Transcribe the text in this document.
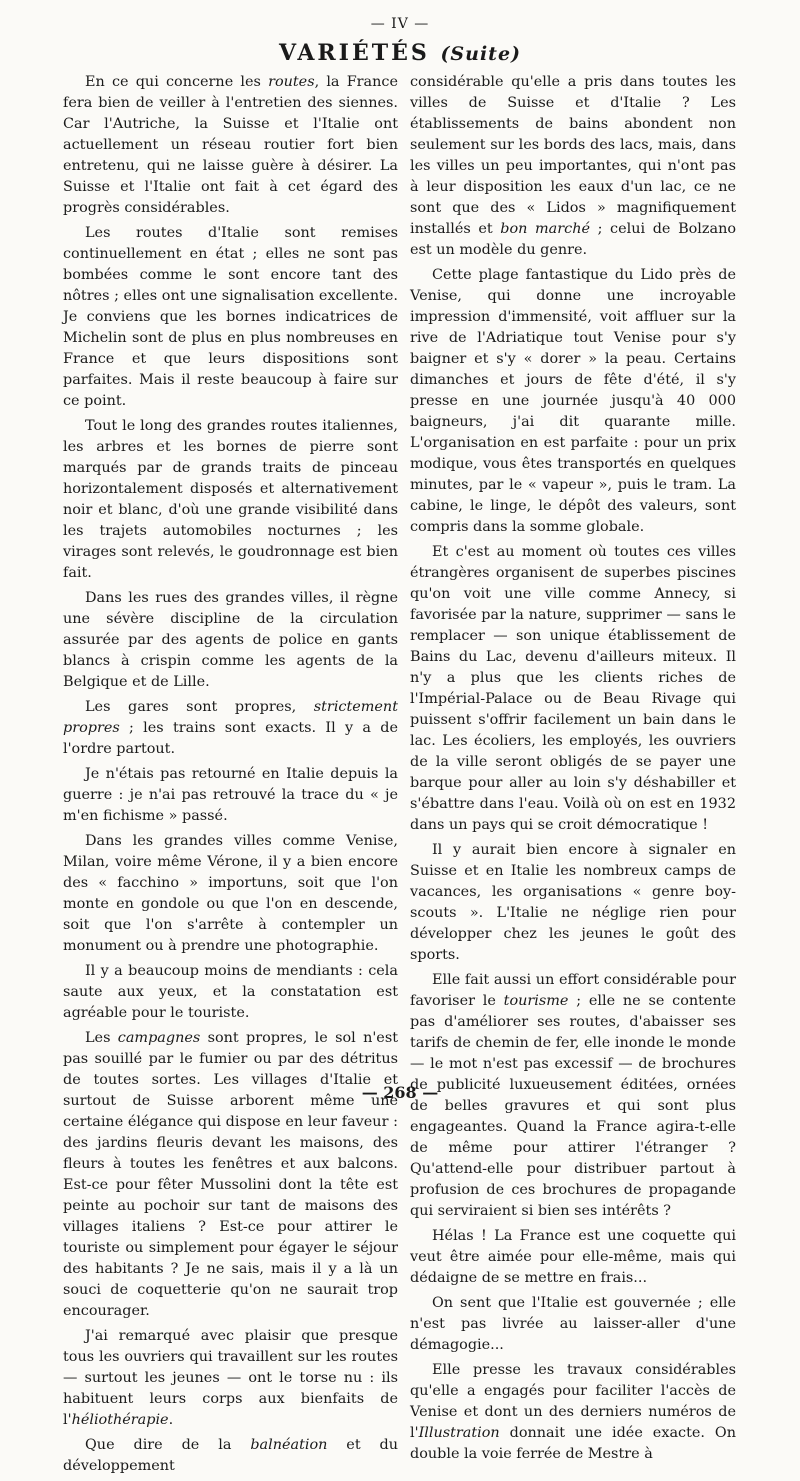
— IV —
VARIÉTÉS (Suite)

En ce qui concerne les routes, la France fera bien de veiller à l'entretien des siennes. Car l'Autriche, la Suisse et l'Italie ont actuellement un réseau routier fort bien entretenu, qui ne laisse guère à désirer. La Suisse et l'Italie ont fait à cet égard des progrès considérables.

Les routes d'Italie sont remises continuellement en état ; elles ne sont pas bombées comme le sont encore tant des nôtres ; elles ont une signalisation excellente. Je conviens que les bornes indicatrices de Michelin sont de plus en plus nombreuses en France et que leurs dispositions sont parfaites. Mais il reste beaucoup à faire sur ce point.

Tout le long des grandes routes italiennes, les arbres et les bornes de pierre sont marqués par de grands traits de pinceau horizontalement disposés et alternativement noir et blanc, d'où une grande visibilité dans les trajets automobiles nocturnes ; les virages sont relevés, le goudronnage est bien fait.

Dans les rues des grandes villes, il règne une sévère discipline de la circulation assurée par des agents de police en gants blancs à crispin comme les agents de la Belgique et de Lille.

Les gares sont propres, strictement propres ; les trains sont exacts. Il y a de l'ordre partout.

Je n'étais pas retourné en Italie depuis la guerre : je n'ai pas retrouvé la trace du « je m'en fichisme » passé.

Dans les grandes villes comme Venise, Milan, voire même Vérone, il y a bien encore des « facchino » importuns, soit que l'on monte en gondole ou que l'on en descende, soit que l'on s'arrête à contempler un monument ou à prendre une photographie.

Il y a beaucoup moins de mendiants : cela saute aux yeux, et la constatation est agréable pour le touriste.

Les campagnes sont propres, le sol n'est pas souillé par le fumier ou par des détritus de toutes sortes. Les villages d'Italie et surtout de Suisse arborent même une certaine élégance qui dispose en leur faveur : des jardins fleuris devant les maisons, des fleurs à toutes les fenêtres et aux balcons. Est-ce pour fêter Mussolini dont la tête est peinte au pochoir sur tant de maisons des villages italiens ? Est-ce pour attirer le touriste ou simplement pour égayer le séjour des habitants ? Je ne sais, mais il y a là un souci de coquetterie qu'on ne saurait trop encourager.

J'ai remarqué avec plaisir que presque tous les ouvriers qui travaillent sur les routes — surtout les jeunes — ont le torse nu : ils habituent leurs corps aux bienfaits de l'héliothérapie.

Que dire de la balnéation et du développement

considérable qu'elle a pris dans toutes les villes de Suisse et d'Italie ? Les établissements de bains abondent non seulement sur les bords des lacs, mais, dans les villes un peu importantes, qui n'ont pas à leur disposition les eaux d'un lac, ce ne sont que des « Lidos » magnifiquement installés et bon marché ; celui de Bolzano est un modèle du genre.

Cette plage fantastique du Lido près de Venise, qui donne une incroyable impression d'immensité, voit affluer sur la rive de l'Adriatique tout Venise pour s'y baigner et s'y « dorer » la peau. Certains dimanches et jours de fête d'été, il s'y presse en une journée jusqu'à 40 000 baigneurs, j'ai dit quarante mille. L'organisation en est parfaite : pour un prix modique, vous êtes transportés en quelques minutes, par le « vapeur », puis le tram. La cabine, le linge, le dépôt des valeurs, sont compris dans la somme globale.

Et c'est au moment où toutes ces villes étrangères organisent de superbes piscines qu'on voit une ville comme Annecy, si favorisée par la nature, supprimer — sans le remplacer — son unique établissement de Bains du Lac, devenu d'ailleurs miteux. Il n'y a plus que les clients riches de l'Impérial-Palace ou de Beau Rivage qui puissent s'offrir facilement un bain dans le lac. Les écoliers, les employés, les ouvriers de la ville seront obligés de se payer une barque pour aller au loin s'y déshabiller et s'ébattre dans l'eau. Voilà où on est en 1932 dans un pays qui se croit démocratique !

Il y aurait bien encore à signaler en Suisse et en Italie les nombreux camps de vacances, les organisations « genre boy-scouts ». L'Italie ne néglige rien pour développer chez les jeunes le goût des sports.

Elle fait aussi un effort considérable pour favoriser le tourisme ; elle ne se contente pas d'améliorer ses routes, d'abaisser ses tarifs de chemin de fer, elle inonde le monde — le mot n'est pas excessif — de brochures de publicité luxueusement éditées, ornées de belles gravures et qui sont plus engageantes. Quand la France agira-t-elle de même pour attirer l'étranger ? Qu'attend-elle pour distribuer partout à profusion de ces brochures de propagande qui serviraient si bien ses intérêts ?

Hélas ! La France est une coquette qui veut être aimée pour elle-même, mais qui dédaigne de se mettre en frais...

On sent que l'Italie est gouvernée ; elle n'est pas livrée au laisser-aller d'une démagogie...

Elle presse les travaux considérables qu'elle a engagés pour faciliter l'accès de Venise et dont un des derniers numéros de l'Illustration donnait une idée exacte. On double la voie ferrée de Mestre à

— 268 —
